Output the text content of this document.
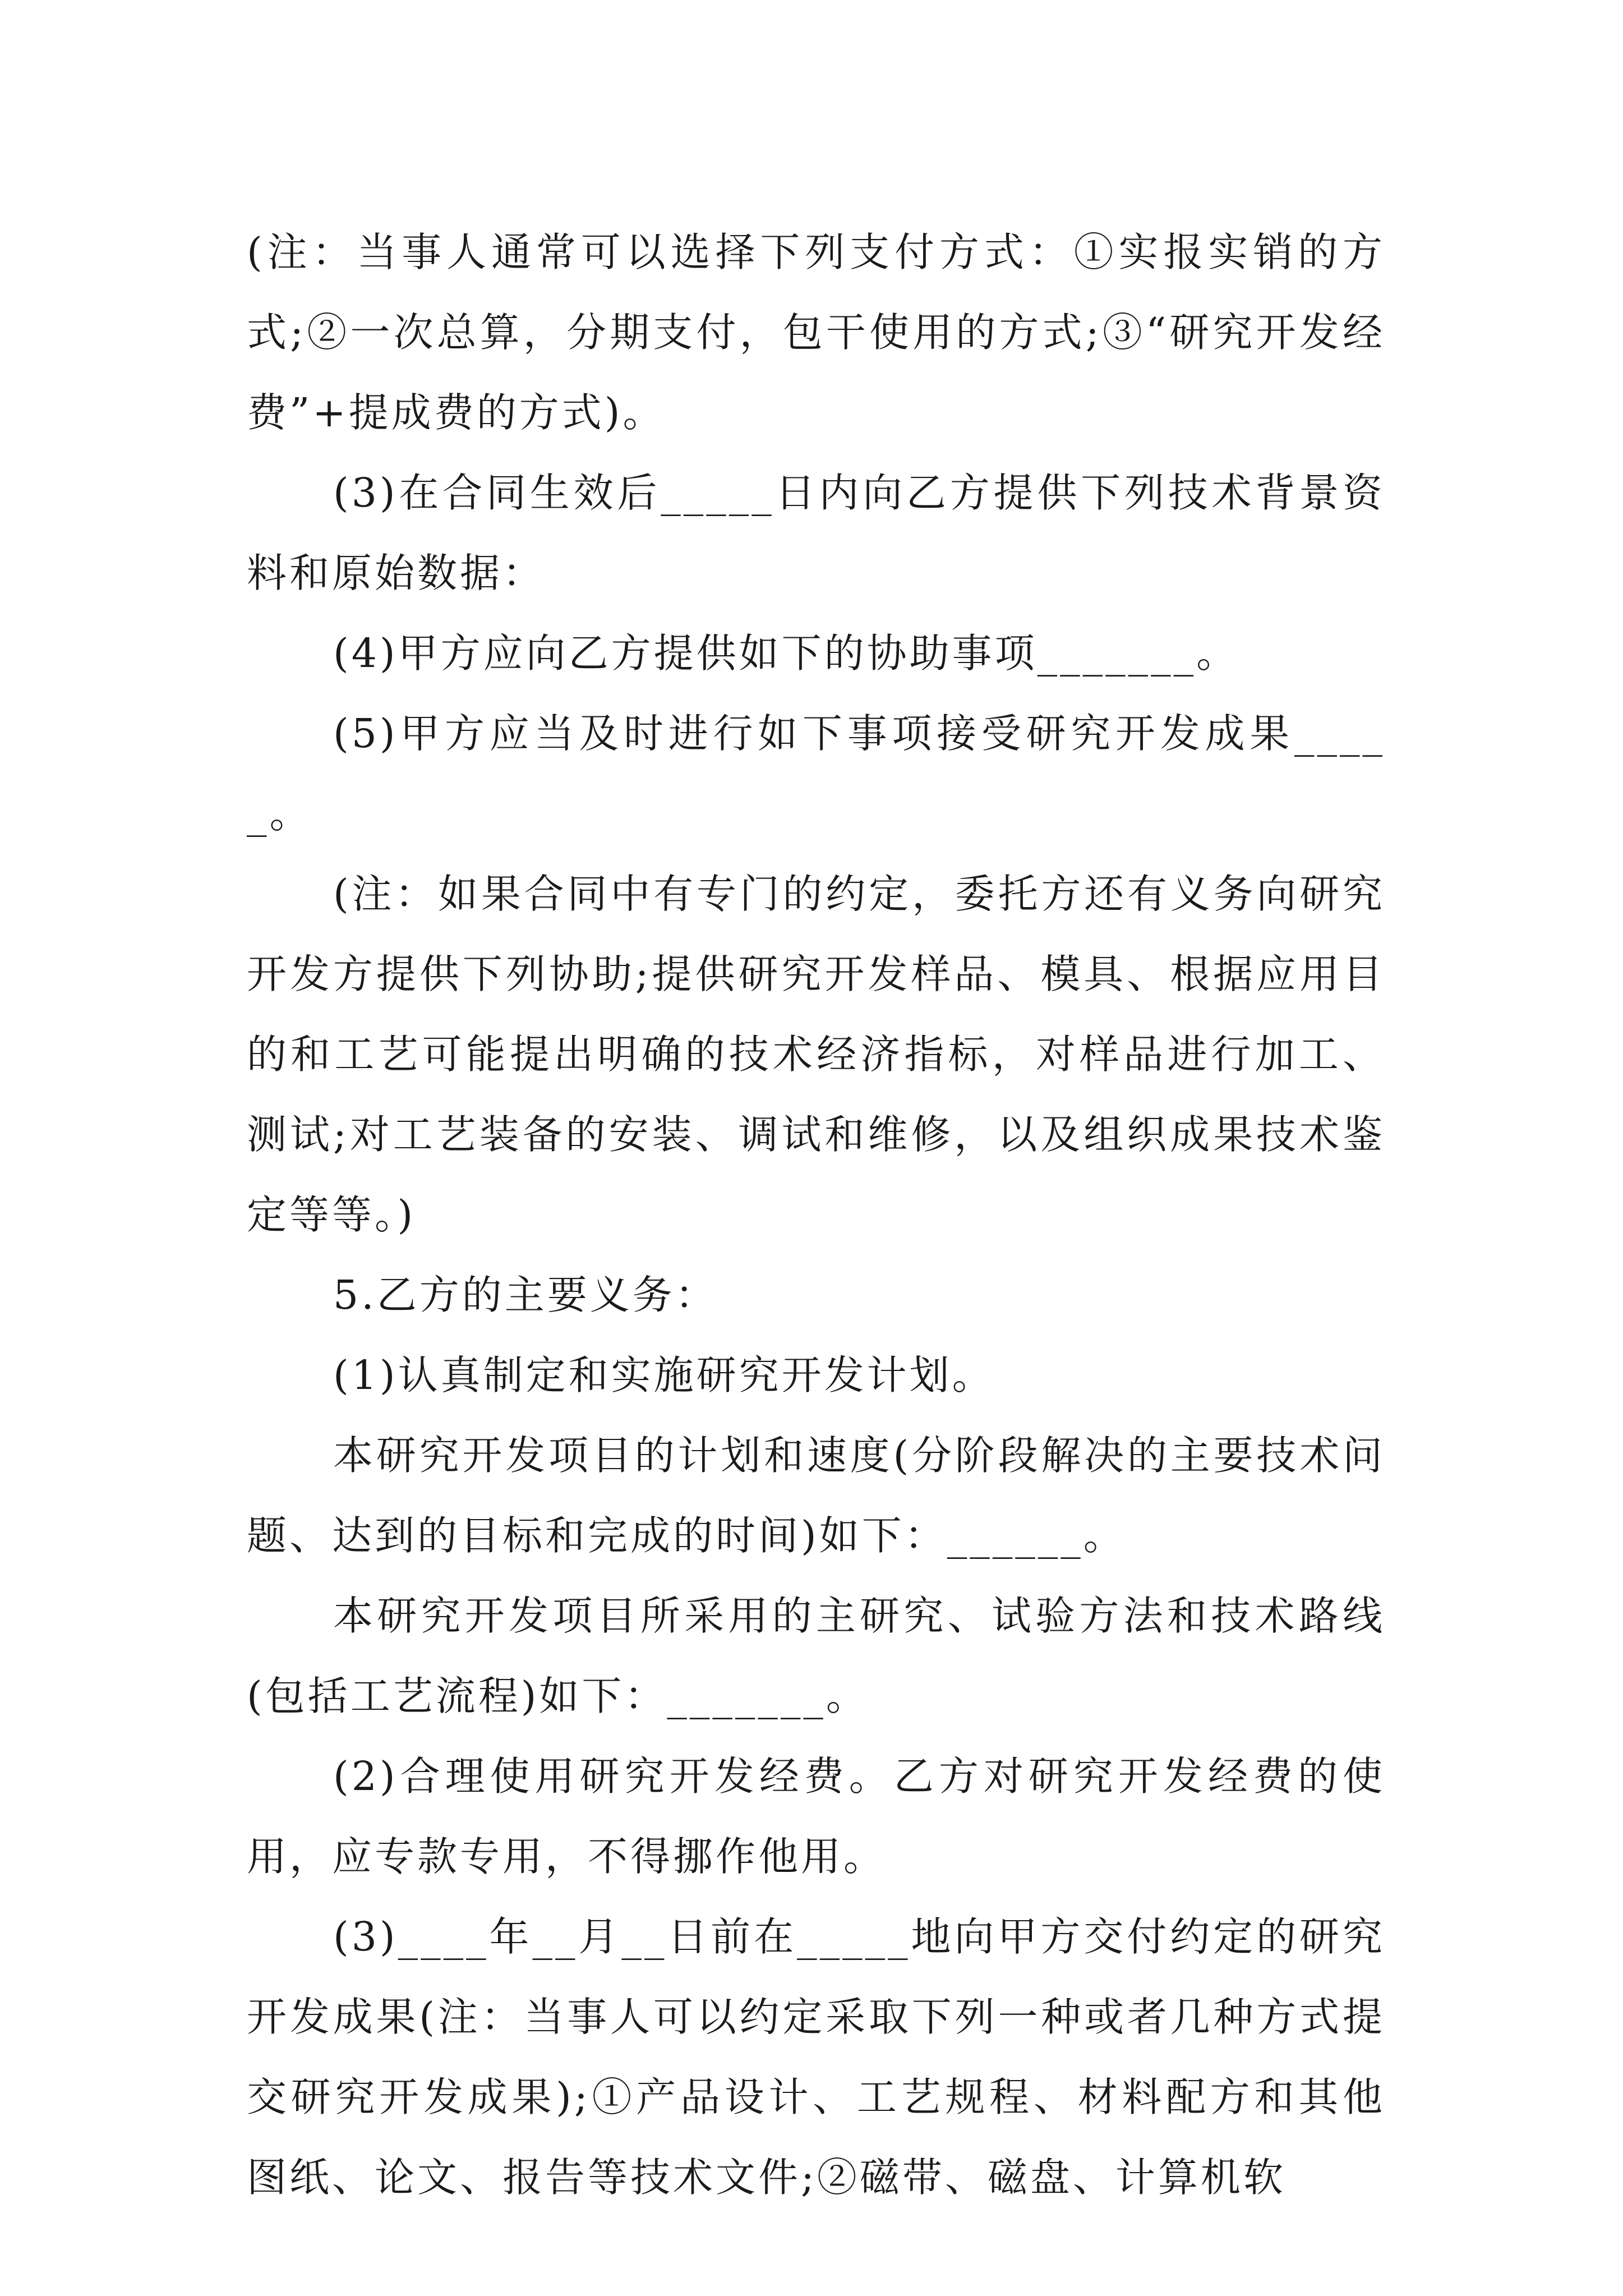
(注：当事人通常可以选择下列支付方式：①实报实销的方式;②一次总算，分期支付，包干使用的方式;③“研究开发经费”+提成费的方式)。

(3)在合同生效后_____日内向乙方提供下列技术背景资料和原始数据：

(4)甲方应向乙方提供如下的协助事项_______。

(5)甲方应当及时进行如下事项接受研究开发成果_____。

(注：如果合同中有专门的约定，委托方还有义务向研究开发方提供下列协助;提供研究开发样品、模具、根据应用目的和工艺可能提出明确的技术经济指标，对样品进行加工、测试;对工艺装备的安装、调试和维修，以及组织成果技术鉴定等等。)

5.乙方的主要义务：

(1)认真制定和实施研究开发计划。

本研究开发项目的计划和速度(分阶段解决的主要技术问题、达到的目标和完成的时间)如下：______。

本研究开发项目所采用的主研究、试验方法和技术路线(包括工艺流程)如下：_______。

(2)合理使用研究开发经费。乙方对研究开发经费的使用，应专款专用，不得挪作他用。

(3)____年__月__日前在_____地向甲方交付约定的研究开发成果(注：当事人可以约定采取下列一种或者几种方式提交研究开发成果);①产品设计、工艺规程、材料配方和其他图纸、论文、报告等技术文件;②磁带、磁盘、计算机软
